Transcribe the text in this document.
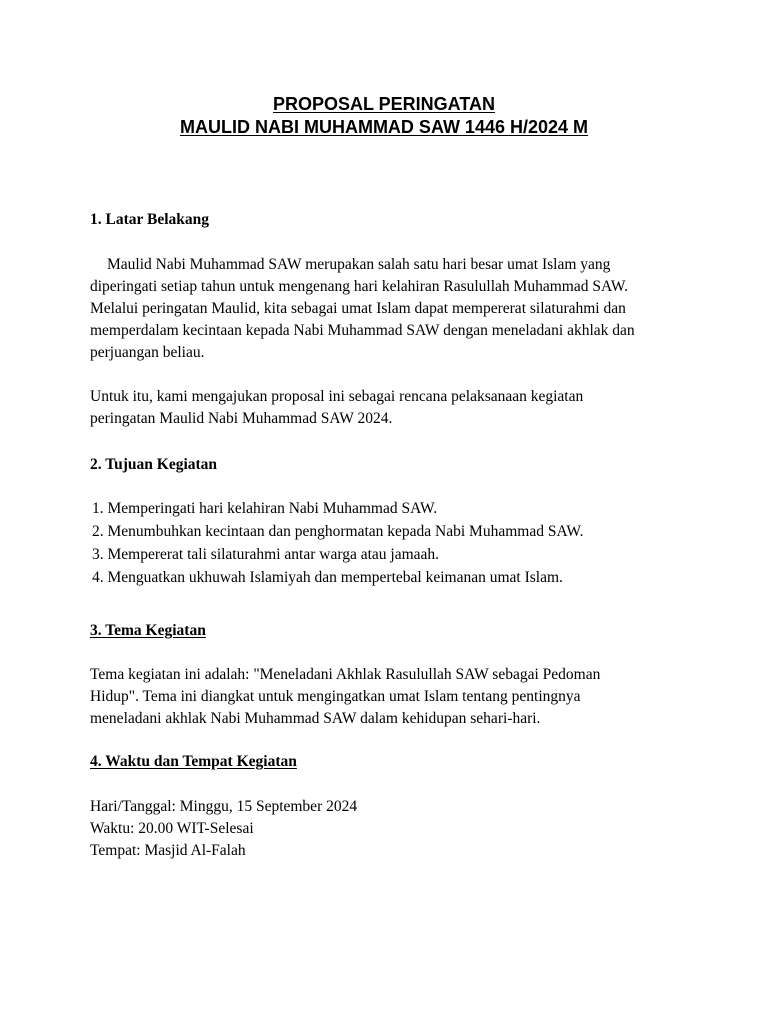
PROPOSAL PERINGATAN
MAULID NABI MUHAMMAD SAW 1446 H/2024 M
1. Latar Belakang
Maulid Nabi Muhammad SAW merupakan salah satu hari besar umat Islam yang
diperingati setiap tahun untuk mengenang hari kelahiran Rasulullah Muhammad SAW.
Melalui peringatan Maulid, kita sebagai umat Islam dapat mempererat silaturahmi dan
memperdalam kecintaan kepada Nabi Muhammad SAW dengan meneladani akhlak dan
perjuangan beliau.
Untuk itu, kami mengajukan proposal ini sebagai rencana pelaksanaan kegiatan
peringatan Maulid Nabi Muhammad SAW 2024.
2. Tujuan Kegiatan
1. Memperingati hari kelahiran Nabi Muhammad SAW.
2. Menumbuhkan kecintaan dan penghormatan kepada Nabi Muhammad SAW.
3. Mempererat tali silaturahmi antar warga atau jamaah.
4. Menguatkan ukhuwah Islamiyah dan mempertebal keimanan umat Islam.
3. Tema Kegiatan
Tema kegiatan ini adalah: "Meneladani Akhlak Rasulullah SAW sebagai Pedoman
Hidup". Tema ini diangkat untuk mengingatkan umat Islam tentang pentingnya
meneladani akhlak Nabi Muhammad SAW dalam kehidupan sehari-hari.
4. Waktu dan Tempat Kegiatan
Hari/Tanggal: Minggu, 15 September 2024
Waktu: 20.00 WIT-Selesai
Tempat: Masjid Al-Falah
